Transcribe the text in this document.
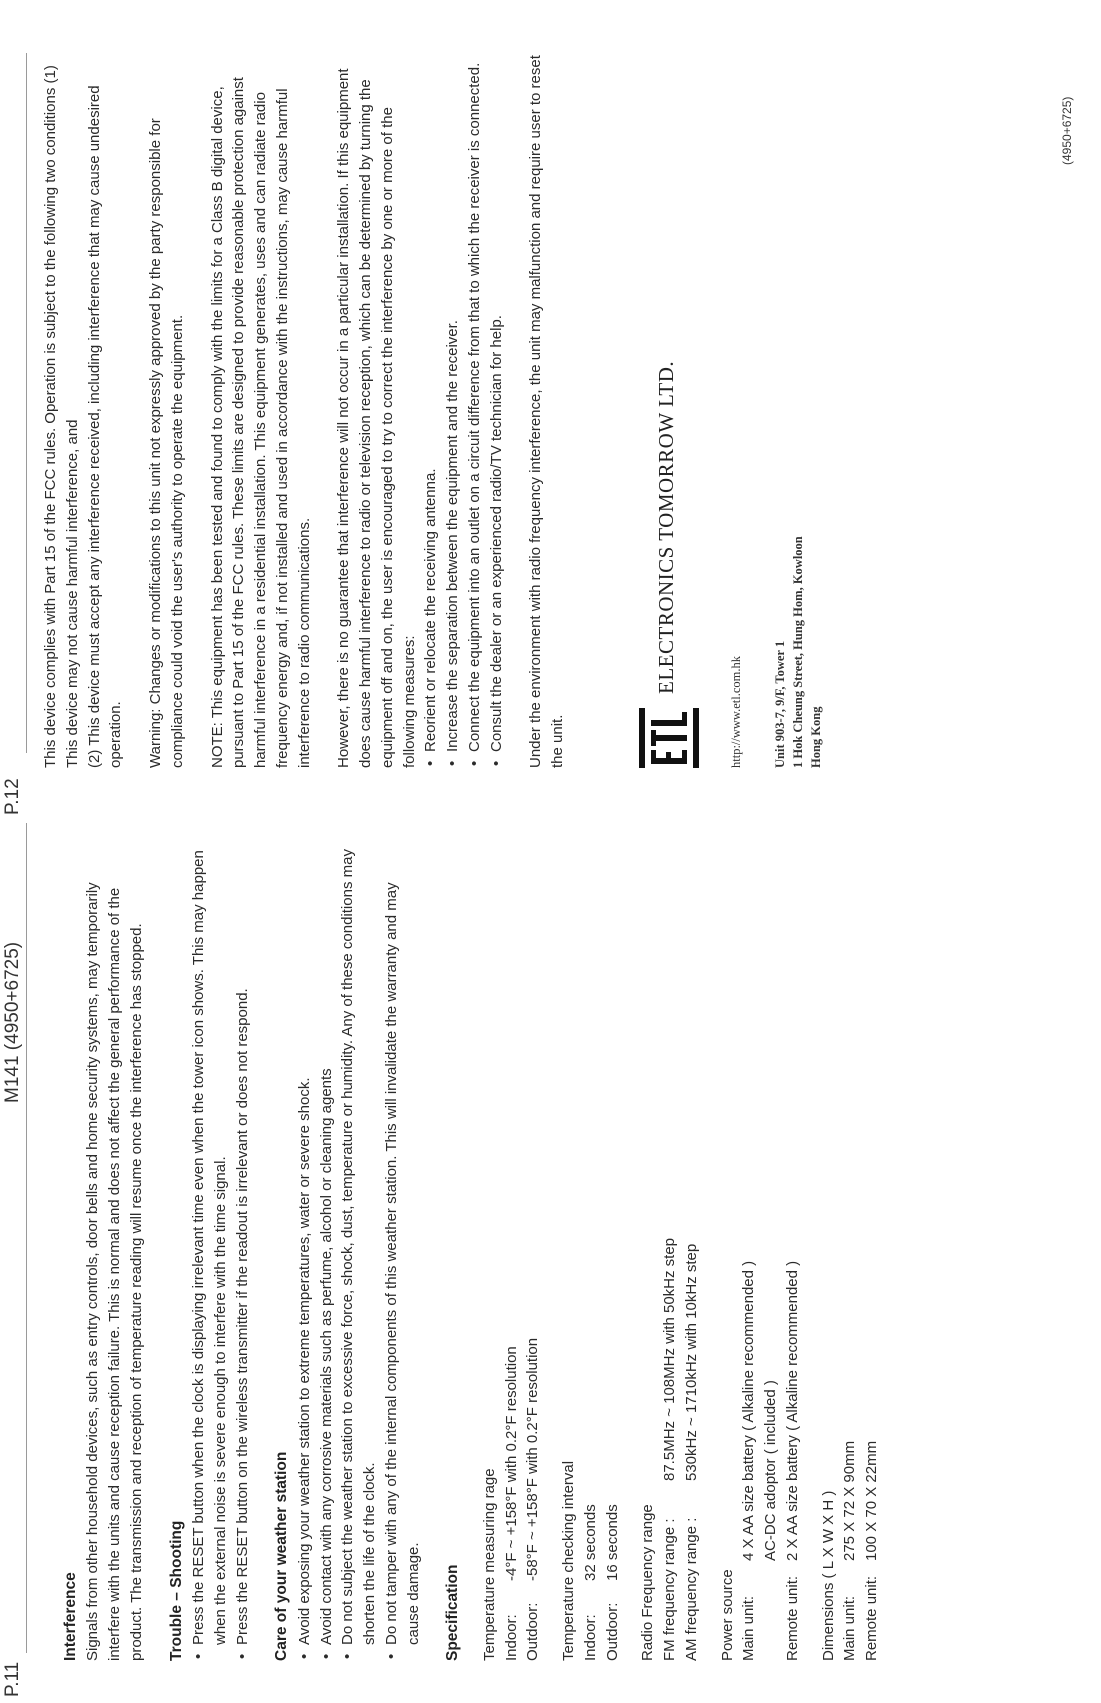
P.11
M141 (4950+6725)
P.12
Interference Signals from other household devices, such as entry controls, door bells and home security systems, may temporarily interfere with the units and cause reception failure. This is normal and does not affect the general performance of the product. The transmission and reception of temperature reading will resume once the interference has stopped. Trouble – Shooting •
Press the RESET button when the clock is displaying irrelevant time even when the tower icon shows. This may happen when the external noise is severe enough to interfere with the time signal.
•
Press the RESET button on the wireless transmitter if the readout is irrelevant or does not respond. Care of your weather station •
Avoid exposing your weather station to extreme temperatures, water or severe shock.
•
Avoid contact with any corrosive materials such as perfume, alcohol or cleaning agents
•
Do not subject the weather station to excessive force, shock, dust, temperature or humidity. Any of these conditions may shorten the life of the clock.
•
Do not tamper with any of the internal components of this weather station. This will invalidate the warranty and may cause damage. Specification Temperature measuring rage Indoor:
-4°F ~ +158°F with 0.2°F resolution
Outdoor:
-58°F ~ +158°F with 0.2°F resolution Temperature checking interval Indoor:
32 seconds
Outdoor:
16 seconds Radio Frequency range FM frequency range :
87.5MHz ~ 108MHz with 50kHz step
AM frequency range :
530kHz ~ 1710kHz with 10kHz step

Power source Main unit:
4 X AA size battery ( Alkaline recommended ) AC-DC adoptor ( included )
Remote unit:
2 X AA size battery ( Alkaline recommended )

Dimensions ( L X W X H ) Main unit:
275 X 72 X 90mm
Remote unit:
100 X 70 X 22mm

This device complies with Part 15 of the FCC rules. Operation is subject to the following two conditions (1) This device may not cause harmful interference, and (2) This device must accept any interference received, including interference that may cause undesired operation. Warning: Changes or modifications to this unit not expressly approved by the party responsible for compliance could void the user's authority to operate the equipment. NOTE: This equipment has been tested and found to comply with the limits for a Class B digital device, pursuant to Part 15 of the FCC rules. These limits are designed to provide reasonable protection against harmful interference in a residential installation. This equipment generates, uses and can radiate radio frequency energy and, if not installed and used in accordance with the instructions, may cause harmful interference to radio communications. However, there is no guarantee that interference will not occur in a particular installation. If this equipment does cause harmful interference to radio or television reception, which can be determined by turning the equipment off and on, the user is encouraged to try to correct the interference by one or more of the following measures: •
Reorient or relocate the receiving antenna.
•
Increase the separation between the equipment and the receiver.
•
Connect the equipment into an outlet on a circuit difference from that to which the receiver is connected.
•
Consult the dealer or an experienced radio/TV technician for help. Under the environment with radio frequency interference, the unit may malfunction and require user to reset the unit.

ELECTRONICS TOMORROW LTD.
http://www.etl.com.hk Unit 903-7, 9/F, Tower 1 1 Hok Cheung Street, Hung Hom, Kowloon Hong Kong
(4950+6725)
